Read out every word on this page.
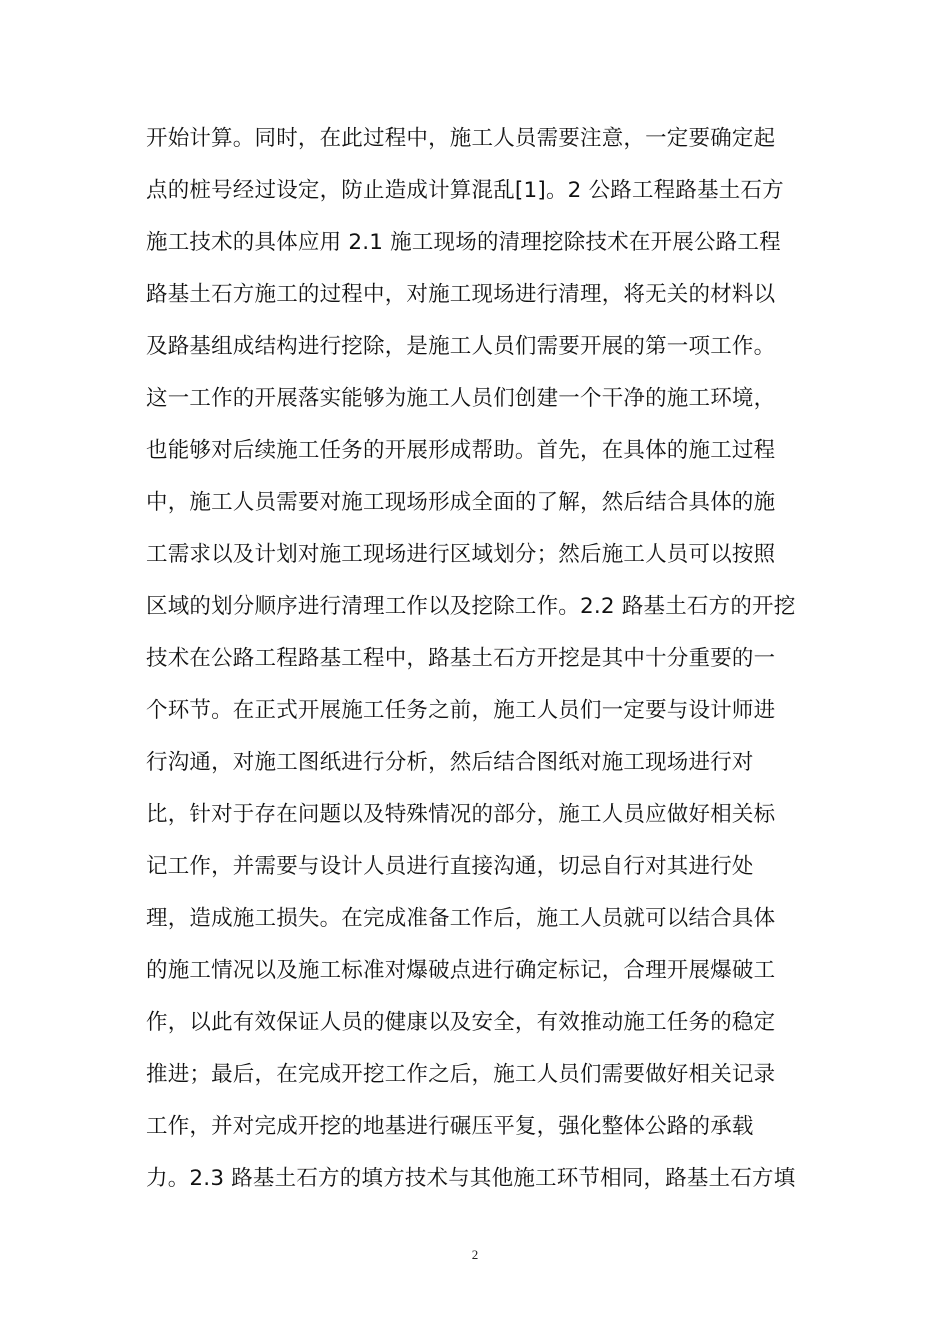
开始计算。同时，在此过程中，施工人员需要注意，一定要确定起
点的桩号经过设定，防止造成计算混乱[1]。2 公路工程路基土石方
施工技术的具体应用 2.1 施工现场的清理挖除技术在开展公路工程
路基土石方施工的过程中，对施工现场进行清理，将无关的材料以
及路基组成结构进行挖除，是施工人员们需要开展的第一项工作。
这一工作的开展落实能够为施工人员们创建一个干净的施工环境，
也能够对后续施工任务的开展形成帮助。首先，在具体的施工过程
中，施工人员需要对施工现场形成全面的了解，然后结合具体的施
工需求以及计划对施工现场进行区域划分；然后施工人员可以按照
区域的划分顺序进行清理工作以及挖除工作。2.2 路基土石方的开挖
技术在公路工程路基工程中，路基土石方开挖是其中十分重要的一
个环节。在正式开展施工任务之前，施工人员们一定要与设计师进
行沟通，对施工图纸进行分析，然后结合图纸对施工现场进行对
比，针对于存在问题以及特殊情况的部分，施工人员应做好相关标
记工作，并需要与设计人员进行直接沟通，切忌自行对其进行处
理，造成施工损失。在完成准备工作后，施工人员就可以结合具体
的施工情况以及施工标准对爆破点进行确定标记，合理开展爆破工
作，以此有效保证人员的健康以及安全，有效推动施工任务的稳定
推进；最后，在完成开挖工作之后，施工人员们需要做好相关记录
工作，并对完成开挖的地基进行碾压平复，强化整体公路的承载
力。2.3 路基土石方的填方技术与其他施工环节相同，路基土石方填
2
